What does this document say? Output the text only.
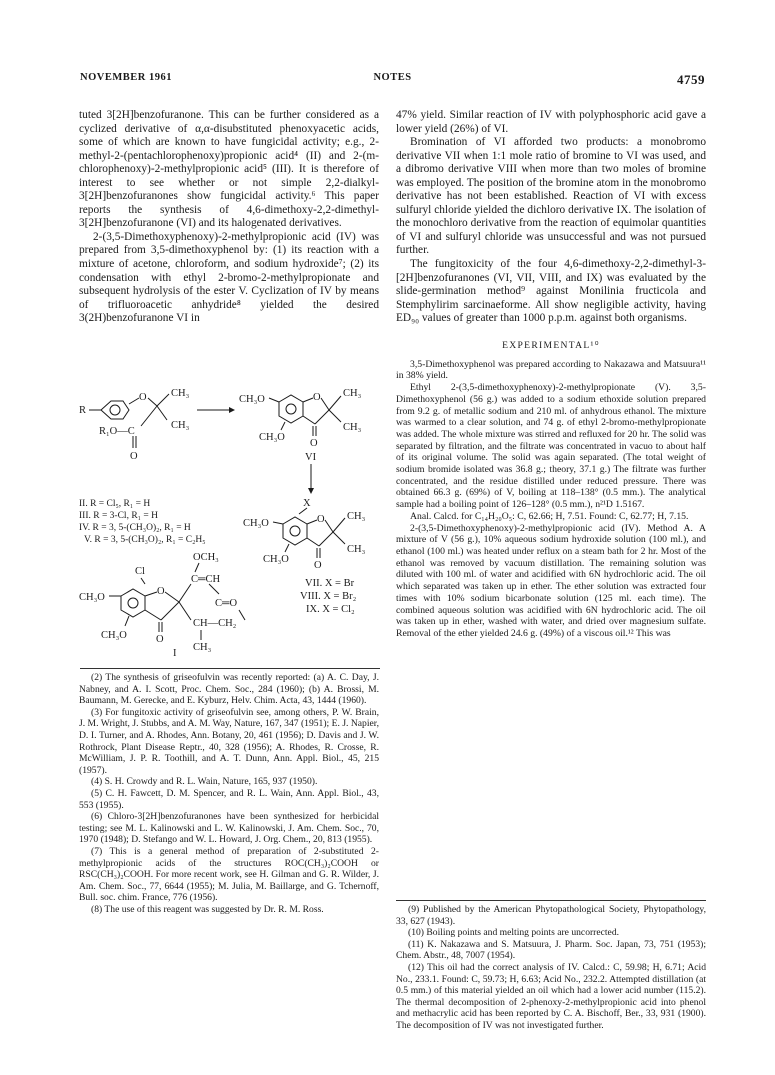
NOVEMBER 1961	NOTES	4759

tuted 3[2H]benzofuranone. This can be further considered as a cyclized derivative of α,α-disubstituted phenoxyacetic acids, some of which are known to have fungicidal activity; e.g., 2-methyl-2-(pentachlorophenoxy)propionic acid⁴ (II) and 2-(m-chlorophenoxy)-2-methylpropionic acid⁵ (III). It is therefore of interest to see whether or not simple 2,2-dialkyl-3[2H]benzofuranones show fungicidal activity.⁶ This paper reports the synthesis of 4,6-dimethoxy-2,2-dimethyl-3[2H]benzofuranone (VI) and its halogenated derivatives.

2-(3,5-Dimethoxyphenoxy)-2-methylpropionic acid (IV) was prepared from 3,5-dimethoxyphenol by: (1) its reaction with a mixture of acetone, chloroform, and sodium hydroxide⁷; (2) its condensation with ethyl 2-bromo-2-methylpropionate and subsequent hydrolysis of the ester V. Cyclization of IV by means of trifluoroacetic anhydride⁸ yielded the desired 3(2H)benzofuranone VI in

R
O CH₃
CH₃
R₁O—C
O
CH₃O	O CH₃
CH₃
O
CH₃O
VI
X
CH₃O	O CH₃
CH₃
O
CH₃O
VII. X = Br
VIII. X = Br₂
IX. X = Cl₂
II. R = Cl₅, R₁ = H
III. R = 3-Cl, R₁ = H
IV. R = 3, 5-(CH₃O)₂, R₁ = H
V. R = 3, 5-(CH₃O)₂, R₁ = C₂H₅
OCH₃
Cl
C═CH
CH₃O
O
C═O
CH—CH₂
O
CH₃O
CH₃
I

(2) The synthesis of griseofulvin was recently reported: (a) A. C. Day, J. Nabney, and A. I. Scott, Proc. Chem. Soc., 284 (1960); (b) A. Brossi, M. Baumann, M. Gerecke, and E. Kyburz, Helv. Chim. Acta, 43, 1444 (1960).

(3) For fungitoxic activity of griseofulvin see, among others, P. W. Brain, J. M. Wright, J. Stubbs, and A. M. Way, Nature, 167, 347 (1951); E. J. Napier, D. I. Turner, and A. Rhodes, Ann. Botany, 20, 461 (1956); D. Davis and J. W. Rothrock, Plant Disease Reptr., 40, 328 (1956); A. Rhodes, R. Crosse, R. McWilliam, J. P. R. Toothill, and A. T. Dunn, Ann. Appl. Biol., 45, 215 (1957).

(4) S. H. Crowdy and R. L. Wain, Nature, 165, 937 (1950).

(5) C. H. Fawcett, D. M. Spencer, and R. L. Wain, Ann. Appl. Biol., 43, 553 (1955).

(6) Chloro-3[2H]benzofuranones have been synthesized for herbicidal testing; see M. L. Kalinowski and L. W. Kalinowski, J. Am. Chem. Soc., 70, 1970 (1948); D. Stefango and W. L. Howard, J. Org. Chem., 20, 813 (1955).

(7) This is a general method of preparation of 2-substituted 2-methylpropionic acids of the structures ROC(CH₃)₂COOH or RSC(CH₃)₂COOH. For more recent work, see H. Gilman and G. R. Wilder, J. Am. Chem. Soc., 77, 6644 (1955); M. Julia, M. Baillarge, and G. Tchernoff, Bull. soc. chim. France, 776 (1956).

(8) The use of this reagent was suggested by Dr. R. M. Ross.

47% yield. Similar reaction of IV with polyphosphoric acid gave a lower yield (26%) of VI.

Bromination of VI afforded two products: a monobromo derivative VII when 1:1 mole ratio of bromine to VI was used, and a dibromo derivative VIII when more than two moles of bromine was employed. The position of the bromine atom in the monobromo derivative has not been established. Reaction of VI with excess sulfuryl chloride yielded the dichloro derivative IX. The isolation of the monochloro derivative from the reaction of equimolar quantities of VI and sulfuryl chloride was unsuccessful and was not pursued further.

The fungitoxicity of the four 4,6-dimethoxy-2,2-dimethyl-3-[2H]benzofuranones (VI, VII, VIII, and IX) was evaluated by the slide-germination method⁹ against Monilinia fructicola and Stemphylirim sarcinaeforme. All show negligible activity, having ED₉₀ values of greater than 1000 p.p.m. against both organisms.

EXPERIMENTAL¹⁰

3,5-Dimethoxyphenol was prepared according to Nakazawa and Matsuura¹¹ in 38% yield.

Ethyl 2-(3,5-dimethoxyphenoxy)-2-methylpropionate (V). 3,5-Dimethoxyphenol (56 g.) was added to a sodium ethoxide solution prepared from 9.2 g. of metallic sodium and 210 ml. of anhydrous ethanol. The mixture was warmed to a clear solution, and 74 g. of ethyl 2-bromo-methylpropionate was added. The whole mixture was stirred and refluxed for 20 hr. The solid was separated by filtration, and the filtrate was concentrated in vacuo to about half of its original volume. The solid was again separated. (The total weight of sodium bromide isolated was 36.8 g.; theory, 37.1 g.) The filtrate was further concentrated, and the residue distilled under reduced pressure. There was obtained 66.3 g. (69%) of V, boiling at 118–138° (0.5 mm.). The analytical sample had a boiling point of 126–128° (0.5 mm.), n²¹D 1.5167.

Anal. Calcd. for C₁₄H₂₀O₅: C, 62.66; H, 7.51. Found: C, 62.77; H, 7.15.

2-(3,5-Dimethoxyphenoxy)-2-methylpropionic acid (IV). Method A. A mixture of V (56 g.), 10% aqueous sodium hydroxide solution (100 ml.), and ethanol (100 ml.) was heated under reflux on a steam bath for 2 hr. Most of the ethanol was removed by vacuum distillation. The remaining solution was diluted with 100 ml. of water and acidified with 6N hydrochloric acid. The oil which separated was taken up in ether. The ether solution was extracted four times with 10% sodium bicarbonate solution (125 ml. each time). The combined aqueous solution was acidified with 6N hydrochloric acid. The oil was taken up in ether, washed with water, and dried over magnesium sulfate. Removal of the ether yielded 24.6 g. (49%) of a viscous oil.¹² This was

(9) Published by the American Phytopathological Society, Phytopathology, 33, 627 (1943).

(10) Boiling points and melting points are uncorrected.

(11) K. Nakazawa and S. Matsuura, J. Pharm. Soc. Japan, 73, 751 (1953); Chem. Abstr., 48, 7007 (1954).

(12) This oil had the correct analysis of IV. Calcd.: C, 59.98; H, 6.71; Acid No., 233.1. Found: C, 59.73; H, 6.63; Acid No., 232.2. Attempted distillation (at 0.5 mm.) of this material yielded an oil which had a lower acid number (115.2). The thermal decomposition of 2-phenoxy-2-methylpropionic acid into phenol and methacrylic acid has been reported by C. A. Bischoff, Ber., 33, 931 (1900). The decomposition of IV was not investigated further.
